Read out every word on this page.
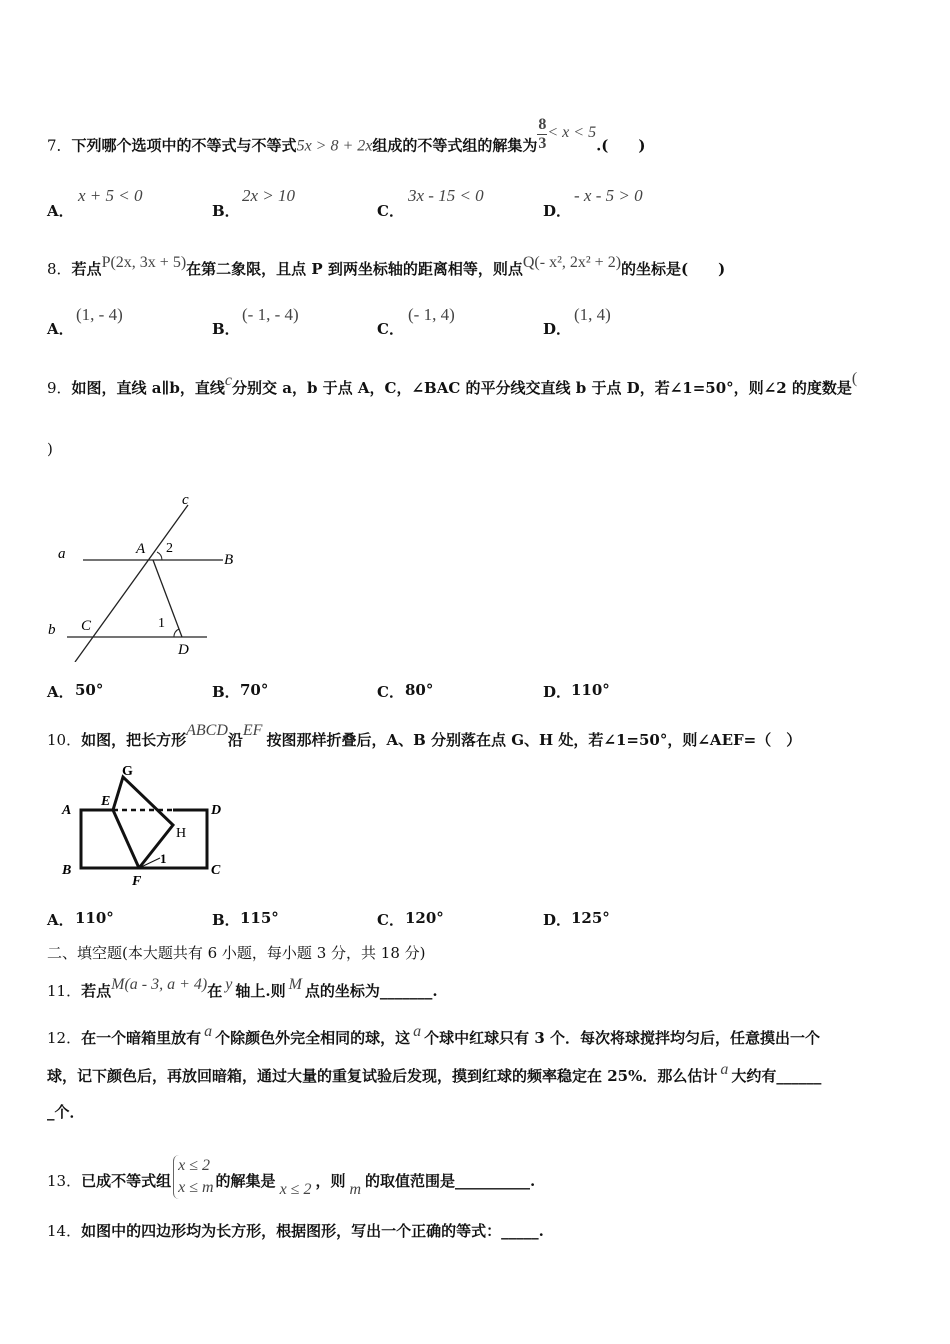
7．下列哪个选项中的不等式与不等式5x > 8 + 2x组成的不等式组的解集为 $\frac{8}{3} < x < 5$.(　　)
A．
x + 5 < 0
B．
2x > 10
C．
3x - 15 < 0
D．
- x - 5 > 0
8．若点P(2x, 3x + 5)在第二象限，且点 P 到两坐标轴的距离相等，则点Q(- x², 2x² + 2)的坐标是(　　)
A．
(1, - 4)
B．
(- 1, - 4)
C．
(- 1, 4)
D．
(1, 4)
9．如图，直线 a∥b，直线c分别交 a，b 于点 A，C，∠BAC 的平分线交直线 b 于点 D，若∠1=50°，则∠2 的度数是(
)
c
a	A 2
B
b C	1
D
A． 50°	B． 70°	C． 80°	D． 110°
10．如图，把长方形ABCD沿EF按图那样折叠后，A、B 分别落在点 G、H 处，若∠1=50°，则∠AEF=（　）
G
A
E
D
H
1
B
F
C
A． 110°	B． 115°	C． 120°	D． 125°
二、填空题(本大题共有 6 小题，每小题 3 分，共 18 分)
11．若点M(a - 3, a + 4)在 y 轴上.则 M 点的坐标为_______.
12．在一个暗箱里放有 a 个除颜色外完全相同的球，这 a 个球中红球只有 3 个．每次将球搅拌均匀后，任意摸出一个
球，记下颜色后，再放回暗箱，通过大量的重复试验后发现，摸到红球的频率稳定在 25%．那么估计 a 大约有______
_个．
13．已成不等式组
x ≤ 2
x ≤ m 的解集是 x ≤ 2 ，则 m 的取值范围是__________.
14．如图中的四边形均为长方形，根据图形，写出一个正确的等式：_____.
